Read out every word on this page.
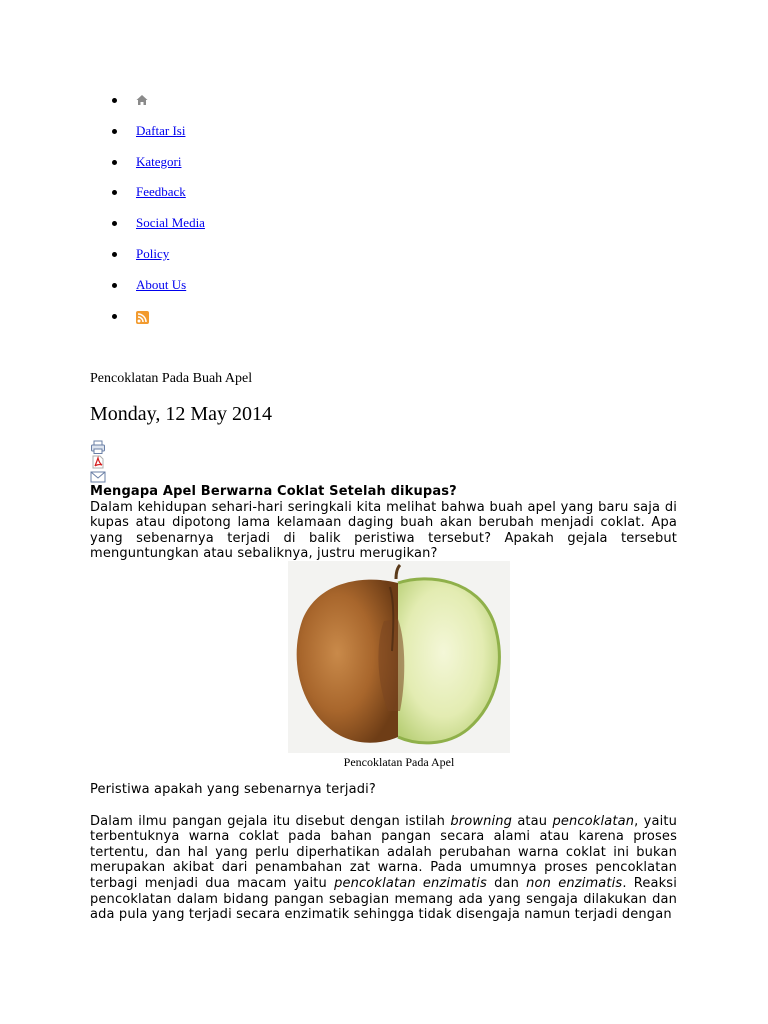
Daftar Isi
Kategori
Feedback
Social Media
Policy
About Us
Pencoklatan Pada Buah Apel
Monday, 12 May 2014

Mengapa Apel Berwarna Coklat Setelah dikupas?

Dalam kehidupan sehari-hari seringkali kita melihat bahwa buah apel yang baru saja di kupas atau dipotong lama kelamaan daging buah akan berubah menjadi coklat. Apa yang sebenarnya terjadi di balik peristiwa tersebut? Apakah gejala tersebut menguntungkan atau sebaliknya, justru merugikan?

Pencoklatan Pada Apel

Peristiwa apakah yang sebenarnya terjadi?

Dalam ilmu pangan gejala itu disebut dengan istilah browning atau pencoklatan, yaitu terbentuknya warna coklat pada bahan pangan secara alami atau karena proses tertentu, dan hal yang perlu diperhatikan adalah perubahan warna coklat ini bukan merupakan akibat dari penambahan zat warna. Pada umumnya proses pencoklatan terbagi menjadi dua macam yaitu pencoklatan enzimatis dan non enzimatis. Reaksi pencoklatan dalam bidang pangan sebagian memang ada yang sengaja dilakukan dan ada pula yang terjadi secara enzimatik sehingga tidak disengaja namun terjadi dengan
